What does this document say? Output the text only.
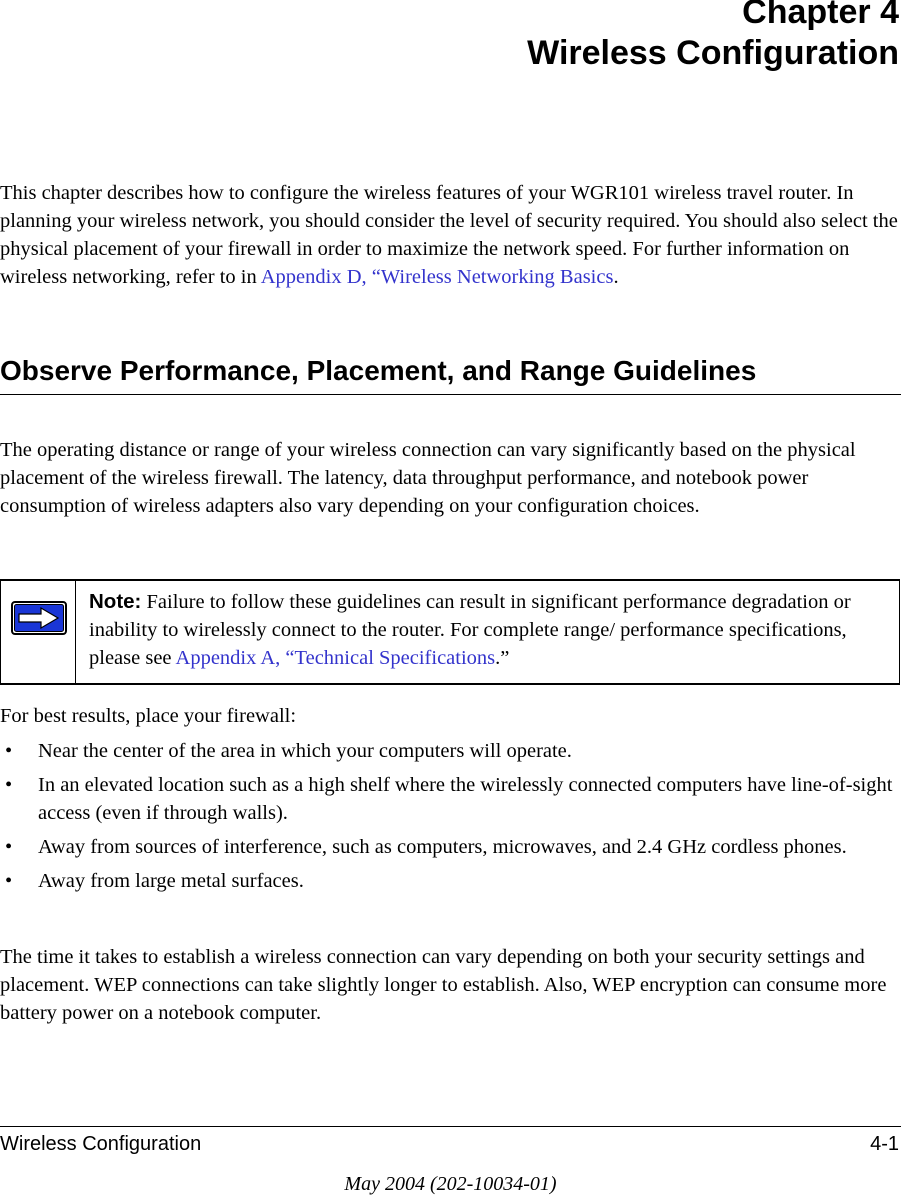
Chapter 4
Wireless Configuration

This chapter describes how to configure the wireless features of your WGR101 wireless travel router. In planning your wireless network, you should consider the level of security required. You should also select the physical placement of your firewall in order to maximize the network speed. For further information on wireless networking, refer to in Appendix D, “Wireless Networking Basics.

Observe Performance, Placement, and Range Guidelines

The operating distance or range of your wireless connection can vary significantly based on the physical placement of the wireless firewall. The latency, data throughput performance, and notebook power consumption of wireless adapters also vary depending on your configuration choices.

Note: Failure to follow these guidelines can result in significant performance degradation or inability to wirelessly connect to the router. For complete range/ performance specifications, please see Appendix A, “Technical Specifications.”

For best results, place your firewall:

• Near the center of the area in which your computers will operate.
• In an elevated location such as a high shelf where the wirelessly connected computers have line-of-sight access (even if through walls).
• Away from sources of interference, such as computers, microwaves, and 2.4 GHz cordless phones.
• Away from large metal surfaces.

The time it takes to establish a wireless connection can vary depending on both your security settings and placement. WEP connections can take slightly longer to establish. Also, WEP encryption can consume more battery power on a notebook computer.

Wireless Configuration	4-1
May 2004 (202-10034-01)
